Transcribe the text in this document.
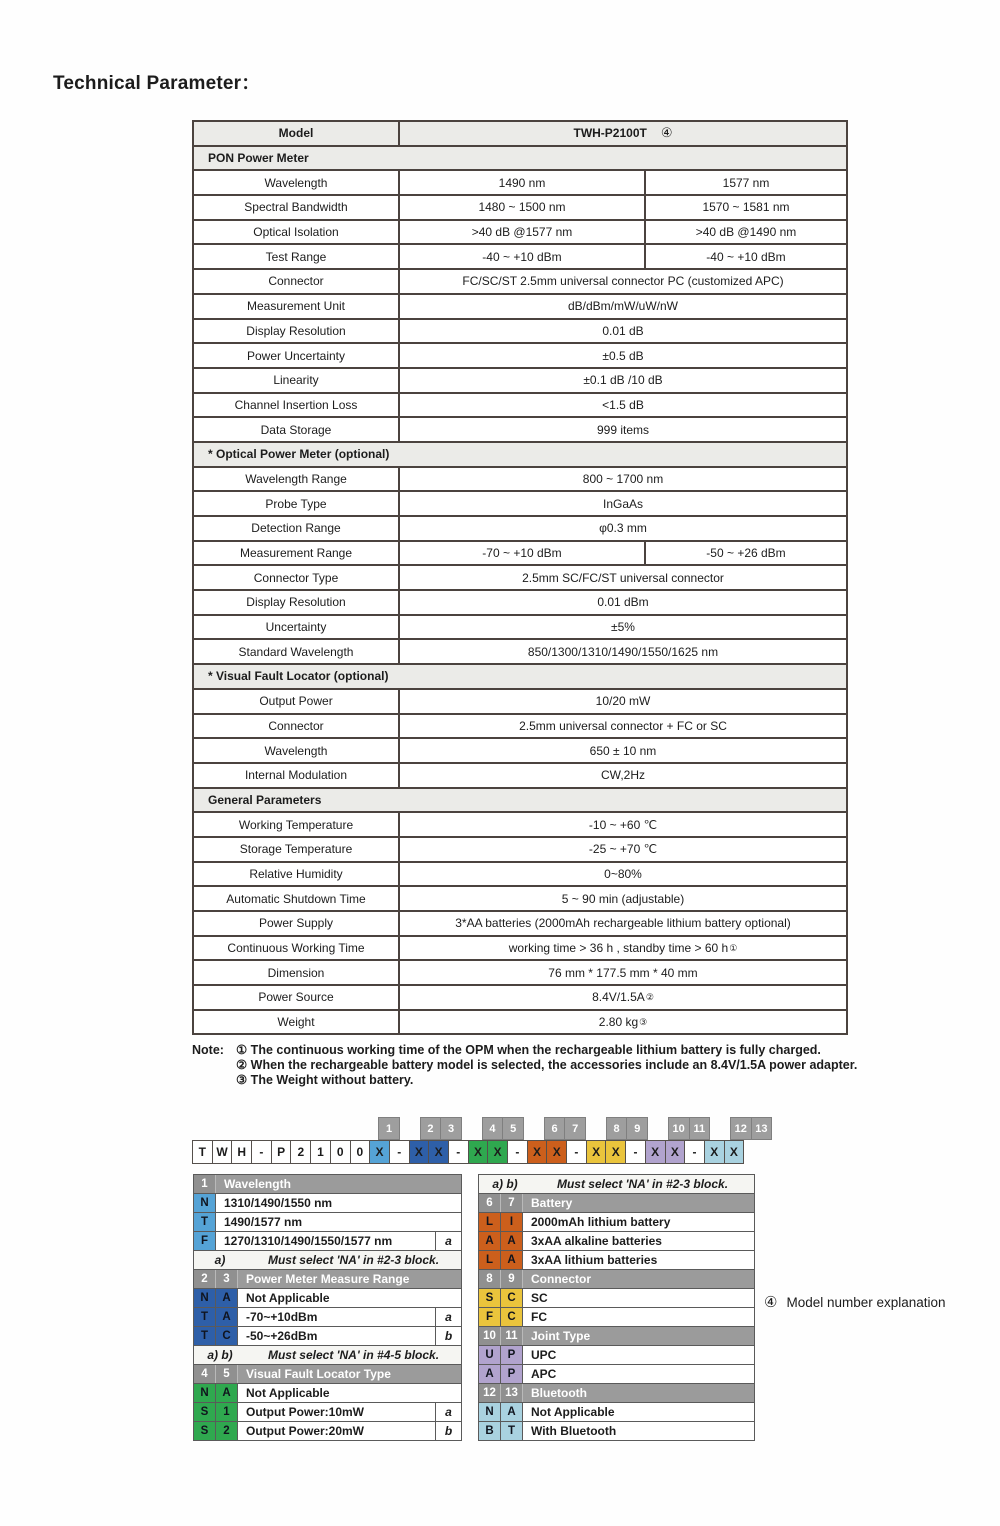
Technical Parameter：
Model	TWH-P2100T ④
PON Power Meter
Wavelength	1490 nm	1577 nm
Spectral Bandwidth	1480 ~ 1500 nm	1570 ~ 1581 nm
Optical Isolation	>40 dB @1577 nm	>40 dB @1490 nm
Test Range	-40 ~ +10 dBm	-40 ~ +10 dBm
Connector	FC/SC/ST 2.5mm universal connector PC (customized APC)
Measurement Unit	dB/dBm/mW/uW/nW
Display Resolution	0.01 dB
Power Uncertainty	±0.5 dB
Linearity	±0.1 dB /10 dB
Channel Insertion Loss	<1.5 dB
Data Storage	999 items
* Optical Power Meter (optional)
Wavelength Range	800 ~ 1700 nm
Probe Type	InGaAs
Detection Range	φ0.3 mm
Measurement Range	-70 ~ +10 dBm	-50 ~ +26 dBm
Connector Type	2.5mm SC/FC/ST universal connector
Display Resolution	0.01 dBm
Uncertainty	±5%
Standard Wavelength	850/1300/1310/1490/1550/1625 nm
* Visual Fault Locator (optional)
Output Power	10/20 mW
Connector	2.5mm universal connector + FC or SC
Wavelength	650 ± 10 nm
Internal Modulation	CW,2Hz
General Parameters
Working Temperature	-10 ~ +60 ℃
Storage Temperature	-25 ~ +70 ℃
Relative Humidity	0~80%
Automatic Shutdown Time	5 ~ 90 min (adjustable)
Power Supply	3*AA batteries (2000mAh rechargeable lithium battery optional)
Continuous Working Time	working time > 36 h , standby time > 60 h ①
Dimension	76 mm * 177.5 mm * 40 mm
Power Source	8.4V/1.5A ②
Weight	2.80 kg ③
Note: ① The continuous working time of the OPM when the rechargeable lithium battery is fully charged.
② When the rechargeable battery model is selected, the accessories include an 8.4V/1.5A power adapter.
③ The Weight without battery.
1	2	3	4	5	6	7	8	9	10 11	12 13
T W H	-	P	2	1	0	0	X	-	X X	-	X X	-	X X	-	X X	-	X X	-	X X
1	Wavelength
N	1310/1490/1550 nm
T	1490/1577 nm
F	1270/1310/1490/1550/1577 nm	a
a)	Must select 'NA' in #2-3 block.
2	3	Power Meter Measure Range
N	A	Not Applicable
T	A	-70~+10dBm	a
T	C	-50~+26dBm	b
a) b)	Must select 'NA' in #4-5 block.
4	5	Visual Fault Locator Type
N	A	Not Applicable
S	1	Output Power:10mW	a
S	2	Output Power:20mW	b
a) b)	Must select 'NA' in #2-3 block.
6	7	Battery
L	I	2000mAh lithium battery
A	A	3xAA alkaline batteries
L	A	3xAA lithium batteries
8	9	Connector
S	C	SC
F	C	FC
10 11	Joint Type
U	P	UPC
A	P	APC
12 13	Bluetooth
N	A	Not Applicable
B	T	With Bluetooth
④ Model number explanation
